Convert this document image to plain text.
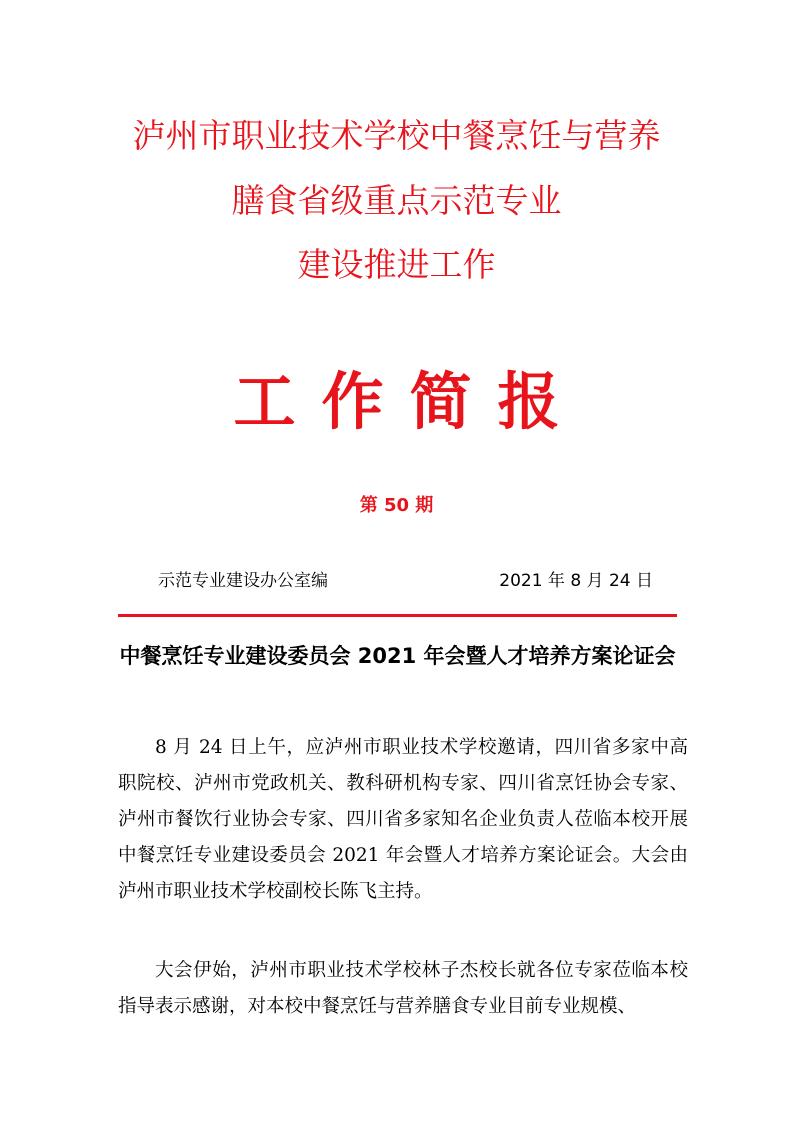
泸州市职业技术学校中餐烹饪与营养
膳食省级重点示范专业
建设推进工作
工作简报
第 50 期
示范专业建设办公室编	2021 年 8 月 24 日
中餐烹饪专业建设委员会 2021 年会暨人才培养方案论证会

8 月 24 日上午，应泸州市职业技术学校邀请，四川省多家中高职院校、泸州市党政机关、教科研机构专家、四川省烹饪协会专家、泸州市餐饮行业协会专家、四川省多家知名企业负责人莅临本校开展中餐烹饪专业建设委员会 2021 年会暨人才培养方案论证会。大会由泸州市职业技术学校副校长陈飞主持。

大会伊始，泸州市职业技术学校林子杰校长就各位专家莅临本校指导表示感谢，对本校中餐烹饪与营养膳食专业目前专业规模、
